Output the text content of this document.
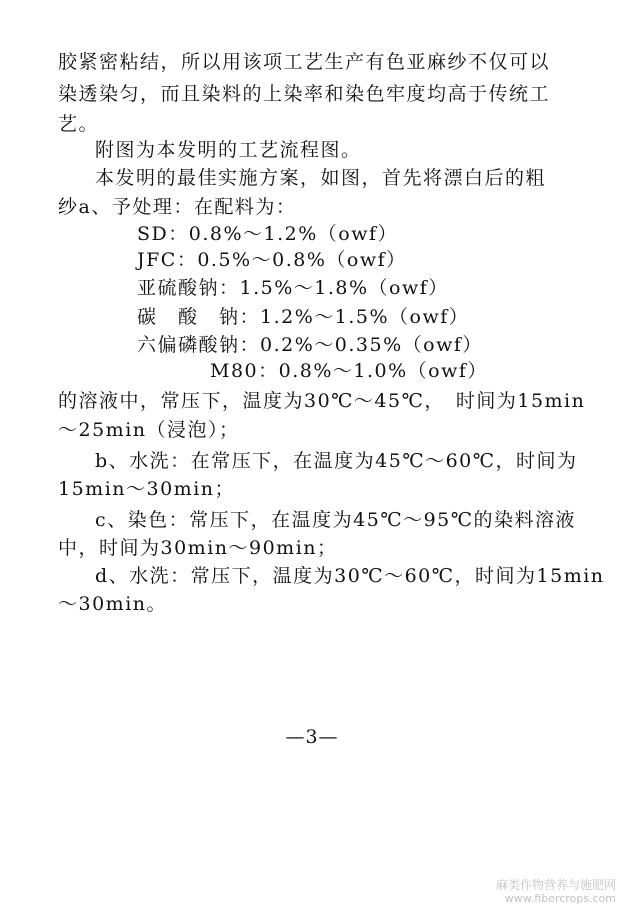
胶紧密粘结，所以用该项工艺生产有色亚麻纱不仅可以
染透染匀，而且染料的上染率和染色牢度均高于传统工
艺。
附图为本发明的工艺流程图。
本发明的最佳实施方案，如图，首先将漂白后的粗
纱a、予处理：在配料为：
SD：0.8%～1.2%（owf）
JFC：0.5%～0.8%（owf）
亚硫酸钠：1.5%～1.8%（owf）
碳　酸　钠：1.2%～1.5%（owf）
六偏磷酸钠：0.2%～0.35%（owf）
M80：0.8%～1.0%（owf）
的溶液中，常压下，温度为30℃～45℃，　时间为15min
～25min（浸泡）；
b、水洗：在常压下，在温度为45℃～60℃，时间为
15min～30min；
c、染色：常压下，在温度为45℃～95℃的染料溶液
中，时间为30min～90min；
d、水洗：常压下，温度为30℃～60℃，时间为15min
～30min。
—3—
麻类作物营养与施肥网
www.fibercrops.com
